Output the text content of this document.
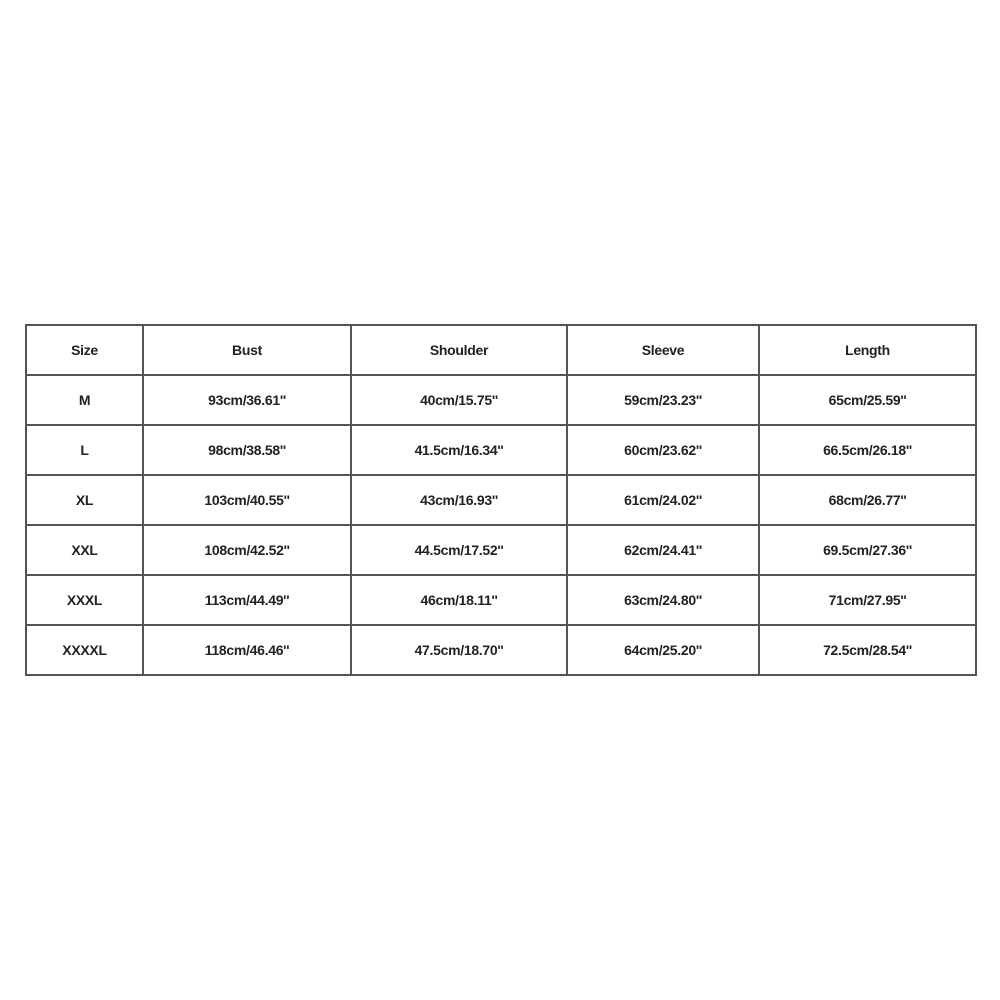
Size	Bust	Shoulder	Sleeve	Length
M	93cm/36.61''	40cm/15.75''	59cm/23.23''	65cm/25.59''
L	98cm/38.58''	41.5cm/16.34''	60cm/23.62''	66.5cm/26.18''
XL	103cm/40.55''	43cm/16.93''	61cm/24.02''	68cm/26.77''
XXL	108cm/42.52''	44.5cm/17.52''	62cm/24.41''	69.5cm/27.36''
XXXL	113cm/44.49''	46cm/18.11''	63cm/24.80''	71cm/27.95''
XXXXL	118cm/46.46''	47.5cm/18.70''	64cm/25.20''	72.5cm/28.54''
